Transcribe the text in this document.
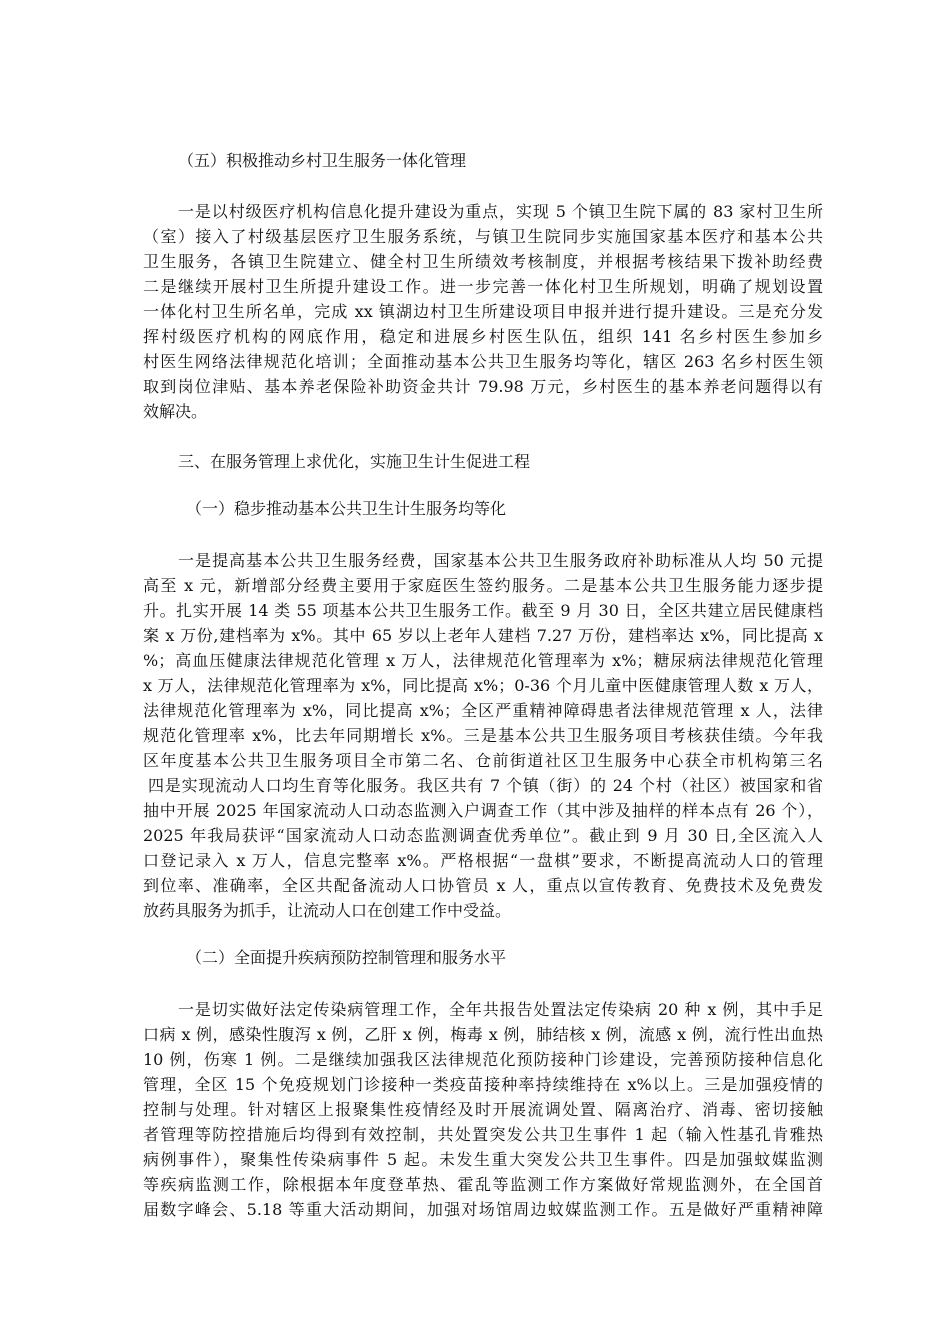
（五）积极推动乡村卫生服务一体化管理
一是以村级医疗机构信息化提升建设为重点，实现 5 个镇卫生院下属的 83 家村卫生所
（室）接入了村级基层医疗卫生服务系统，与镇卫生院同步实施国家基本医疗和基本公共
卫生服务，各镇卫生院建立、健全村卫生所绩效考核制度，并根据考核结果下拨补助经费
二是继续开展村卫生所提升建设工作。进一步完善一体化村卫生所规划，明确了规划设置
一体化村卫生所名单，完成 xx 镇湖边村卫生所建设项目申报并进行提升建设。三是充分发
挥村级医疗机构的网底作用，稳定和进展乡村医生队伍，组织 141 名乡村医生参加乡
村医生网络法律规范化培训；全面推动基本公共卫生服务均等化，辖区 263 名乡村医生领
取到岗位津贴、基本养老保险补助资金共计 79.98 万元，乡村医生的基本养老问题得以有
效解决。
三、在服务管理上求优化，实施卫生计生促进工程
（一）稳步推动基本公共卫生计生服务均等化
一是提高基本公共卫生服务经费，国家基本公共卫生服务政府补助标准从人均 50 元提
高至 x 元，新增部分经费主要用于家庭医生签约服务。二是基本公共卫生服务能力逐步提
升。扎实开展 14 类 55 项基本公共卫生服务工作。截至 9 月 30 日，全区共建立居民健康档
案 x 万份,建档率为 x%。其中 65 岁以上老年人建档 7.27 万份，建档率达 x%，同比提高 x
%；高血压健康法律规范化管理 x 万人，法律规范化管理率为 x%；糖尿病法律规范化管理
x 万人，法律规范化管理率为 x%，同比提高 x%；0-36 个月儿童中医健康管理人数 x 万人，
法律规范化管理率为 x%，同比提高 x%；全区严重精神障碍患者法律规范管理 x 人，法律
规范化管理率 x%，比去年同期增长 x%。三是基本公共卫生服务项目考核获佳绩。今年我
区年度基本公共卫生服务项目全市第二名、仓前街道社区卫生服务中心获全市机构第三名
四是实现流动人口均生育等化服务。我区共有 7 个镇（街）的 24 个村（社区）被国家和省
抽中开展 2025 年国家流动人口动态监测入户调查工作（其中涉及抽样的样本点有 26 个），
2025 年我局获评“国家流动人口动态监测调查优秀单位”。截止到 9 月 30 日,全区流入人
口登记录入 x 万人，信息完整率 x%。严格根据“一盘棋”要求，不断提高流动人口的管理
到位率、准确率，全区共配备流动人口协管员 x 人，重点以宣传教育、免费技术及免费发
放药具服务为抓手，让流动人口在创建工作中受益。
（二）全面提升疾病预防控制管理和服务水平
一是切实做好法定传染病管理工作，全年共报告处置法定传染病 20 种 x 例，其中手足
口病 x 例，感染性腹泻 x 例，乙肝 x 例，梅毒 x 例，肺结核 x 例，流感 x 例，流行性出血热
10 例，伤寒 1 例。二是继续加强我区法律规范化预防接种门诊建设，完善预防接种信息化
管理，全区 15 个免疫规划门诊接种一类疫苗接种率持续维持在 x%以上。三是加强疫情的
控制与处理。针对辖区上报聚集性疫情经及时开展流调处置、隔离治疗、消毒、密切接触
者管理等防控措施后均得到有效控制，共处置突发公共卫生事件 1 起（输入性基孔肯雅热
病例事件），聚集性传染病事件 5 起。未发生重大突发公共卫生事件。四是加强蚊媒监测
等疾病监测工作，除根据本年度登革热、霍乱等监测工作方案做好常规监测外，在全国首
届数字峰会、5.18 等重大活动期间，加强对场馆周边蚊媒监测工作。五是做好严重精神障
